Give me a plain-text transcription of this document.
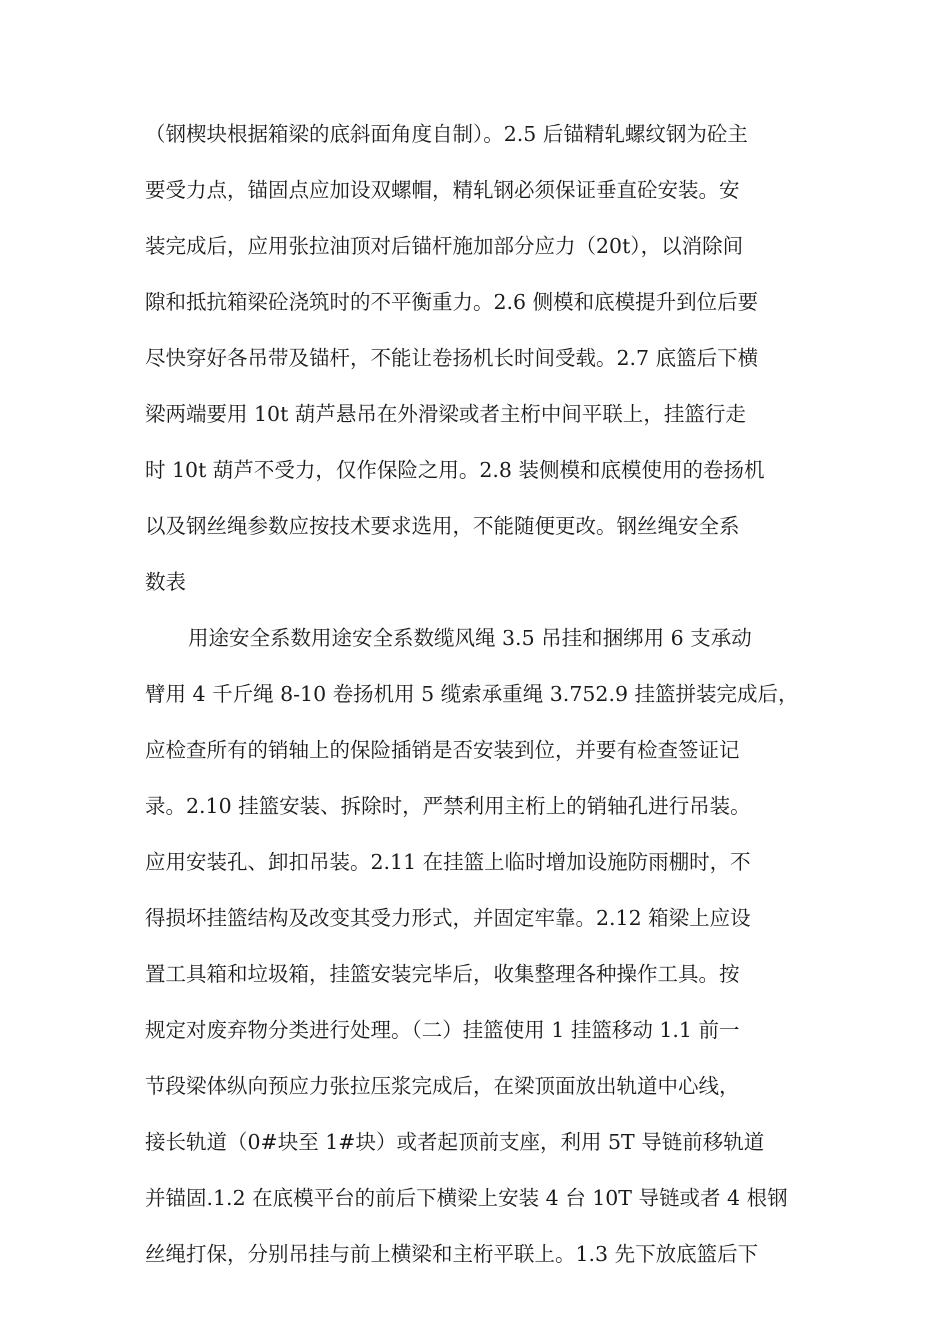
（钢楔块根据箱梁的底斜面角度自制）。2.5 后锚精轧螺纹钢为砼主
要受力点，锚固点应加设双螺帽，精轧钢必须保证垂直砼安装。安
装完成后，应用张拉油顶对后锚杆施加部分应力（20t），以消除间
隙和抵抗箱梁砼浇筑时的不平衡重力。2.6 侧模和底模提升到位后要
尽快穿好各吊带及锚杆，不能让卷扬机长时间受载。2.7 底篮后下横
梁两端要用 10t 葫芦悬吊在外滑梁或者主桁中间平联上，挂篮行走
时 10t 葫芦不受力，仅作保险之用。2.8 装侧模和底模使用的卷扬机
以及钢丝绳参数应按技术要求选用，不能随便更改。钢丝绳安全系
数表
用途安全系数用途安全系数缆风绳 3.5 吊挂和捆绑用 6 支承动
臂用 4 千斤绳 8-10 卷扬机用 5 缆索承重绳 3.752.9 挂篮拼装完成后，
应检查所有的销轴上的保险插销是否安装到位，并要有检查签证记
录。2.10 挂篮安装、拆除时，严禁利用主桁上的销轴孔进行吊装。
应用安装孔、卸扣吊装。2.11 在挂篮上临时增加设施防雨棚时，不
得损坏挂篮结构及改变其受力形式，并固定牢靠。2.12 箱梁上应设
置工具箱和垃圾箱，挂篮安装完毕后，收集整理各种操作工具。按
规定对废弃物分类进行处理。（二）挂篮使用 1 挂篮移动 1.1 前一
节段梁体纵向预应力张拉压浆完成后，在梁顶面放出轨道中心线，
接长轨道（0#块至 1#块）或者起顶前支座，利用 5T 导链前移轨道
并锚固.1.2 在底模平台的前后下横梁上安装 4 台 10T 导链或者 4 根钢
丝绳打保，分别吊挂与前上横梁和主桁平联上。1.3 先下放底篮后下
